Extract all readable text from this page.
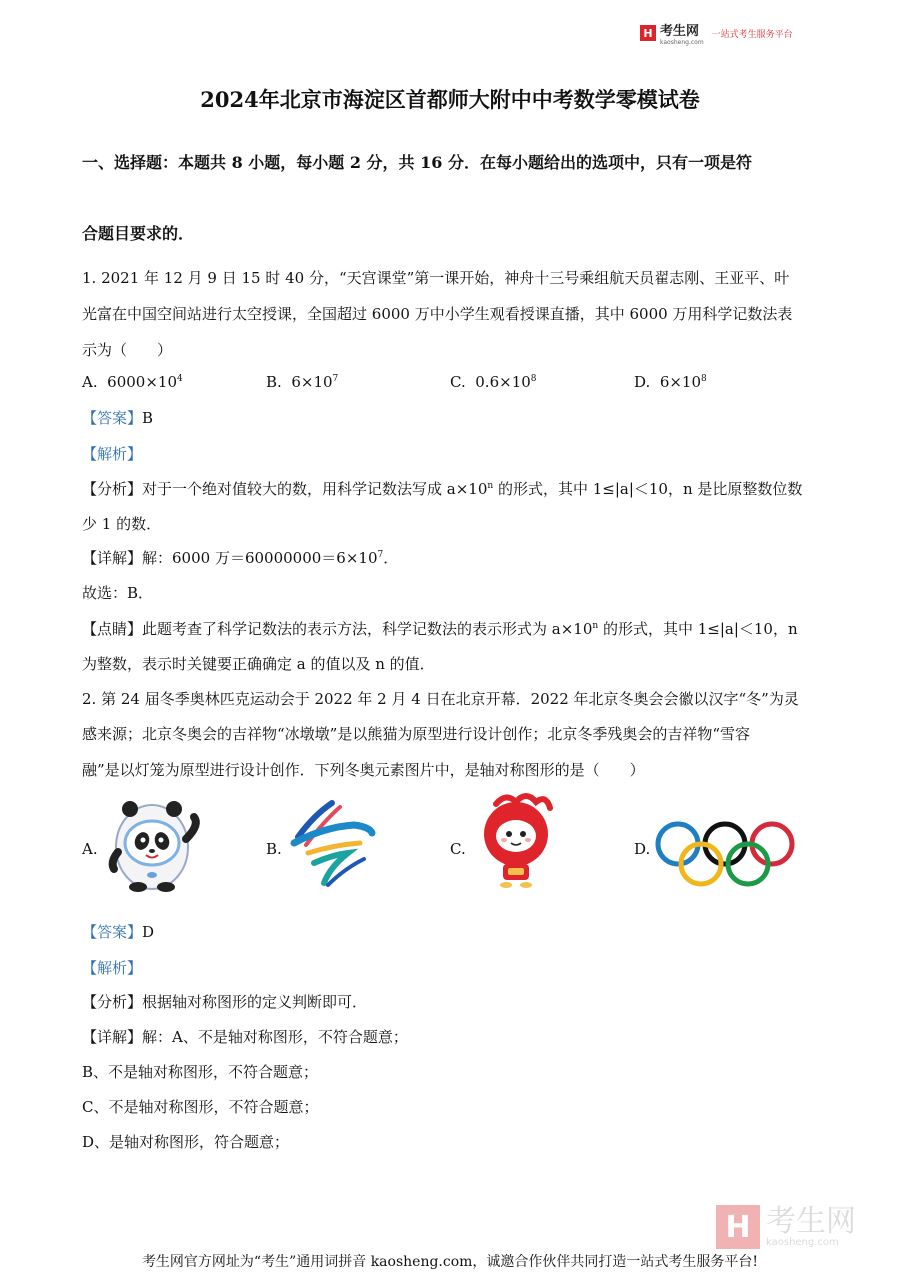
H 考生网
kaosheng.com
一站式考生服务平台
2024年北京市海淀区首都师大附中中考数学零模试卷
一、选择题：本题共 8 小题，每小题 2 分，共 16 分．在每小题给出的选项中，只有一项是符
合题目要求的．
1. 2021 年 12 月 9 日 15 时 40 分，“天宫课堂”第一课开始，神舟十三号乘组航天员翟志刚、王亚平、叶
光富在中国空间站进行太空授课，全国超过 6000 万中小学生观看授课直播，其中 6000 万用科学记数法表
示为（　　）
A. $6000\times 10^4$	B. $6\times 10^7$	C. $0.6\times 10^8$	D. $6\times 10^8$
【答案】B
【解析】
【分析】对于一个绝对值较大的数，用科学记数法写成 $a\times 10^n$ 的形式，其中 1≤|a|＜10，n 是比原整数位数
少 1 的数．
【详解】解：6000 万$=60000000=6\times 10^7$．
故选：B．
【点睛】此题考查了科学记数法的表示方法，科学记数法的表示形式为 $a\times 10^n$ 的形式，其中 1≤|a|＜10，n
为整数，表示时关键要正确确定 a 的值以及 n 的值．
2. 第 24 届冬季奥林匹克运动会于 2022 年 2 月 4 日在北京开幕．2022 年北京冬奥会会徽以汉字“冬”为灵
感来源；北京冬奥会的吉祥物“冰墩墩”是以熊猫为原型进行设计创作；北京冬季残奥会的吉祥物“雪容
融”是以灯笼为原型进行设计创作．下列冬奥元素图片中，是轴对称图形的是（　　）
A.	B.	C.	D.
【答案】D
【解析】
【分析】根据轴对称图形的定义判断即可．
【详解】解：A、不是轴对称图形，不符合题意；
B、不是轴对称图形，不符合题意；
C、不是轴对称图形，不符合题意；
D、是轴对称图形，符合题意；
H 考生网
kaosheng.com
考生网官方网址为“考生”通用词拼音 kaosheng.com，诚邀合作伙伴共同打造一站式考生服务平台!
